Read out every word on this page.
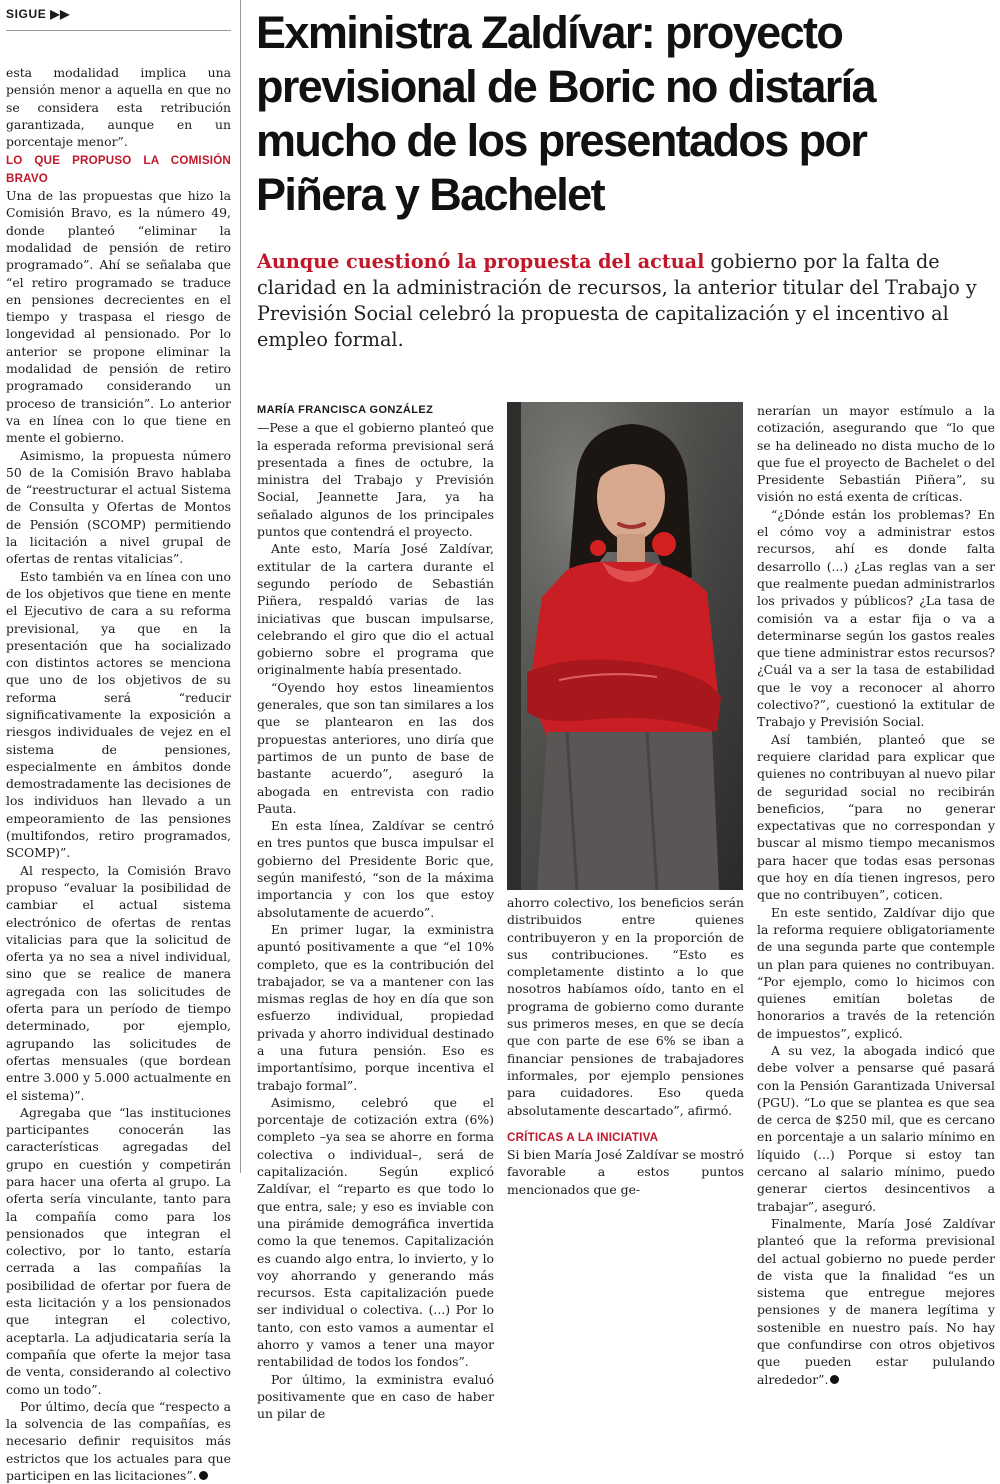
SIGUE ▶▶	Exministra Zaldívar: proyecto previsional de Boric no distaría mucho de los presentados por Piñera y Bachelet
Aunque cuestionó la propuesta del actual gobierno por la falta de claridad en la administración de recursos, la anterior titular del Trabajo y Previsión Social celebró la propuesta de capitalización y el incentivo al empleo formal.

esta modalidad implica una pensión menor a aquella en que no se considera esta retribución garantizada, aunque en un porcentaje menor”.

LO QUE PROPUSO LA COMISIÓN BRAVO

Una de las propuestas que hizo la Comisión Bravo, es la número 49, donde planteó “eliminar la modalidad de pensión de retiro programado”. Ahí se señalaba que “el retiro programado se traduce en pensiones decrecientes en el tiempo y traspasa el riesgo de longevidad al pensionado. Por lo anterior se propone eliminar la modalidad de pensión de retiro programado considerando un proceso de transición”. Lo anterior va en línea con lo que tiene en mente el gobierno.

Asimismo, la propuesta número 50 de la Comisión Bravo hablaba de “reestructurar el actual Sistema de Consulta y Ofertas de Montos de Pensión (SCOMP) permitiendo la licitación a nivel grupal de ofertas de rentas vitalicias”.

Esto también va en línea con uno de los objetivos que tiene en mente el Ejecutivo de cara a su reforma previsional, ya que en la presentación que ha socializado con distintos actores se menciona que uno de los objetivos de su reforma será “reducir significativamente la exposición a riesgos individuales de vejez en el sistema de pensiones, especialmente en ámbitos donde demostradamente las decisiones de los individuos han llevado a un empeoramiento de las pensiones (multifondos, retiro programados, SCOMP)”.

Al respecto, la Comisión Bravo propuso “evaluar la posibilidad de cambiar el actual sistema electrónico de ofertas de rentas vitalicias para que la solicitud de oferta ya no sea a nivel individual, sino que se realice de manera agregada con las solicitudes de oferta para un período de tiempo determinado, por ejemplo, agrupando las solicitudes de ofertas mensuales (que bordean entre 3.000 y 5.000 actualmente en el sistema)”.

Agregaba que “las instituciones participantes conocerán las características agregadas del grupo en cuestión y competirán para hacer una oferta al grupo. La oferta sería vinculante, tanto para la compañía como para los pensionados que integran el colectivo, por lo tanto, estaría cerrada a las compañías la posibilidad de ofertar por fuera de esta licitación y a los pensionados que integran el colectivo, aceptarla. La adjudicataria sería la compañía que oferte la mejor tasa de venta, considerando al colectivo como un todo”.

Por último, decía que “respecto a la solvencia de las compañías, es necesario definir requisitos más estrictos que los actuales para que participen en las licitaciones”.

MARÍA FRANCISCA GONZÁLEZ

—Pese a que el gobierno planteó que la esperada reforma previsional será presentada a fines de octubre, la ministra del Trabajo y Previsión Social, Jeannette Jara, ya ha señalado algunos de los principales puntos que contendrá el proyecto.

Ante esto, María José Zaldívar, extitular de la cartera durante el segundo período de Sebastián Piñera, respaldó varias de las iniciativas que buscan impulsarse, celebrando el giro que dio el actual gobierno sobre el programa que originalmente había presentado.

“Oyendo hoy estos lineamientos generales, que son tan similares a los que se plantearon en las dos propuestas anteriores, uno diría que partimos de un punto de base de bastante acuerdo”, aseguró la abogada en entrevista con radio Pauta.

En esta línea, Zaldívar se centró en tres puntos que busca impulsar el gobierno del Presidente Boric que, según manifestó, “son de la máxima importancia y con los que estoy absolutamente de acuerdo”.

En primer lugar, la exministra apuntó positivamente a que “el 10% completo, que es la contribución del trabajador, se va a mantener con las mismas reglas de hoy en día que son esfuerzo individual, propiedad privada y ahorro individual destinado a una futura pensión. Eso es importantísimo, porque incentiva el trabajo formal”.

Asimismo, celebró que el porcentaje de cotización extra (6%) completo –ya sea se ahorre en forma colectiva o individual–, será de capitalización. Según explicó Zaldívar, el “reparto es que todo lo que entra, sale; y eso es inviable con una pirámide demográfica invertida como la que tenemos. Capitalización es cuando algo entra, lo invierto, y lo voy ahorrando y generando más recursos. Esta capitalización puede ser individual o colectiva. (...) Por lo tanto, con esto vamos a aumentar el ahorro y vamos a tener una mayor rentabilidad de todos los fondos”.

Por último, la exministra evaluó positivamente que en caso de haber un pilar de

ahorro colectivo, los beneficios serán distribuidos entre quienes contribuyeron y en la proporción de sus contribuciones. “Esto es completamente distinto a lo que nosotros habíamos oído, tanto en el programa de gobierno como durante sus primeros meses, en que se decía que con parte de ese 6% se iban a financiar pensiones de trabajadores informales, por ejemplo pensiones para cuidadores. Eso queda absolutamente descartado”, afirmó.

CRÍTICAS A LA INICIATIVA

Si bien María José Zaldívar se mostró favorable a estos puntos mencionados que ge-

nerarían un mayor estímulo a la cotización, asegurando que “lo que se ha delineado no dista mucho de lo que fue el proyecto de Bachelet o del Presidente Sebastián Piñera”, su visión no está exenta de críticas.

“¿Dónde están los problemas? En el cómo voy a administrar estos recursos, ahí es donde falta desarrollo (...) ¿Las reglas van a ser que realmente puedan administrarlos los privados y públicos? ¿La tasa de comisión va a estar fija o va a determinarse según los gastos reales que tiene administrar estos recursos? ¿Cuál va a ser la tasa de estabilidad que le voy a reconocer al ahorro colectivo?”, cuestionó la extitular de Trabajo y Previsión Social.

Así también, planteó que se requiere claridad para explicar que quienes no contribuyan al nuevo pilar de seguridad social no recibirán beneficios, “para no generar expectativas que no correspondan y buscar al mismo tiempo mecanismos para hacer que todas esas personas que hoy en día tienen ingresos, pero que no contribuyen”, coticen.

En este sentido, Zaldívar dijo que la reforma requiere obligatoriamente de una segunda parte que contemple un plan para quienes no contribuyan. “Por ejemplo, como lo hicimos con quienes emitían boletas de honorarios a través de la retención de impuestos”, explicó.

A su vez, la abogada indicó que debe volver a pensarse qué pasará con la Pensión Garantizada Universal (PGU). “Lo que se plantea es que sea de cerca de $250 mil, que es cercano en porcentaje a un salario mínimo en líquido (...) Porque si estoy tan cercano al salario mínimo, puedo generar ciertos desincentivos a trabajar”, aseguró.

Finalmente, María José Zaldívar planteó que la reforma previsional del actual gobierno no puede perder de vista que la finalidad “es un sistema que entregue mejores pensiones y de manera legítima y sostenible en nuestro país. No hay que confundirse con otros objetivos que pueden estar pululando alrededor”.
